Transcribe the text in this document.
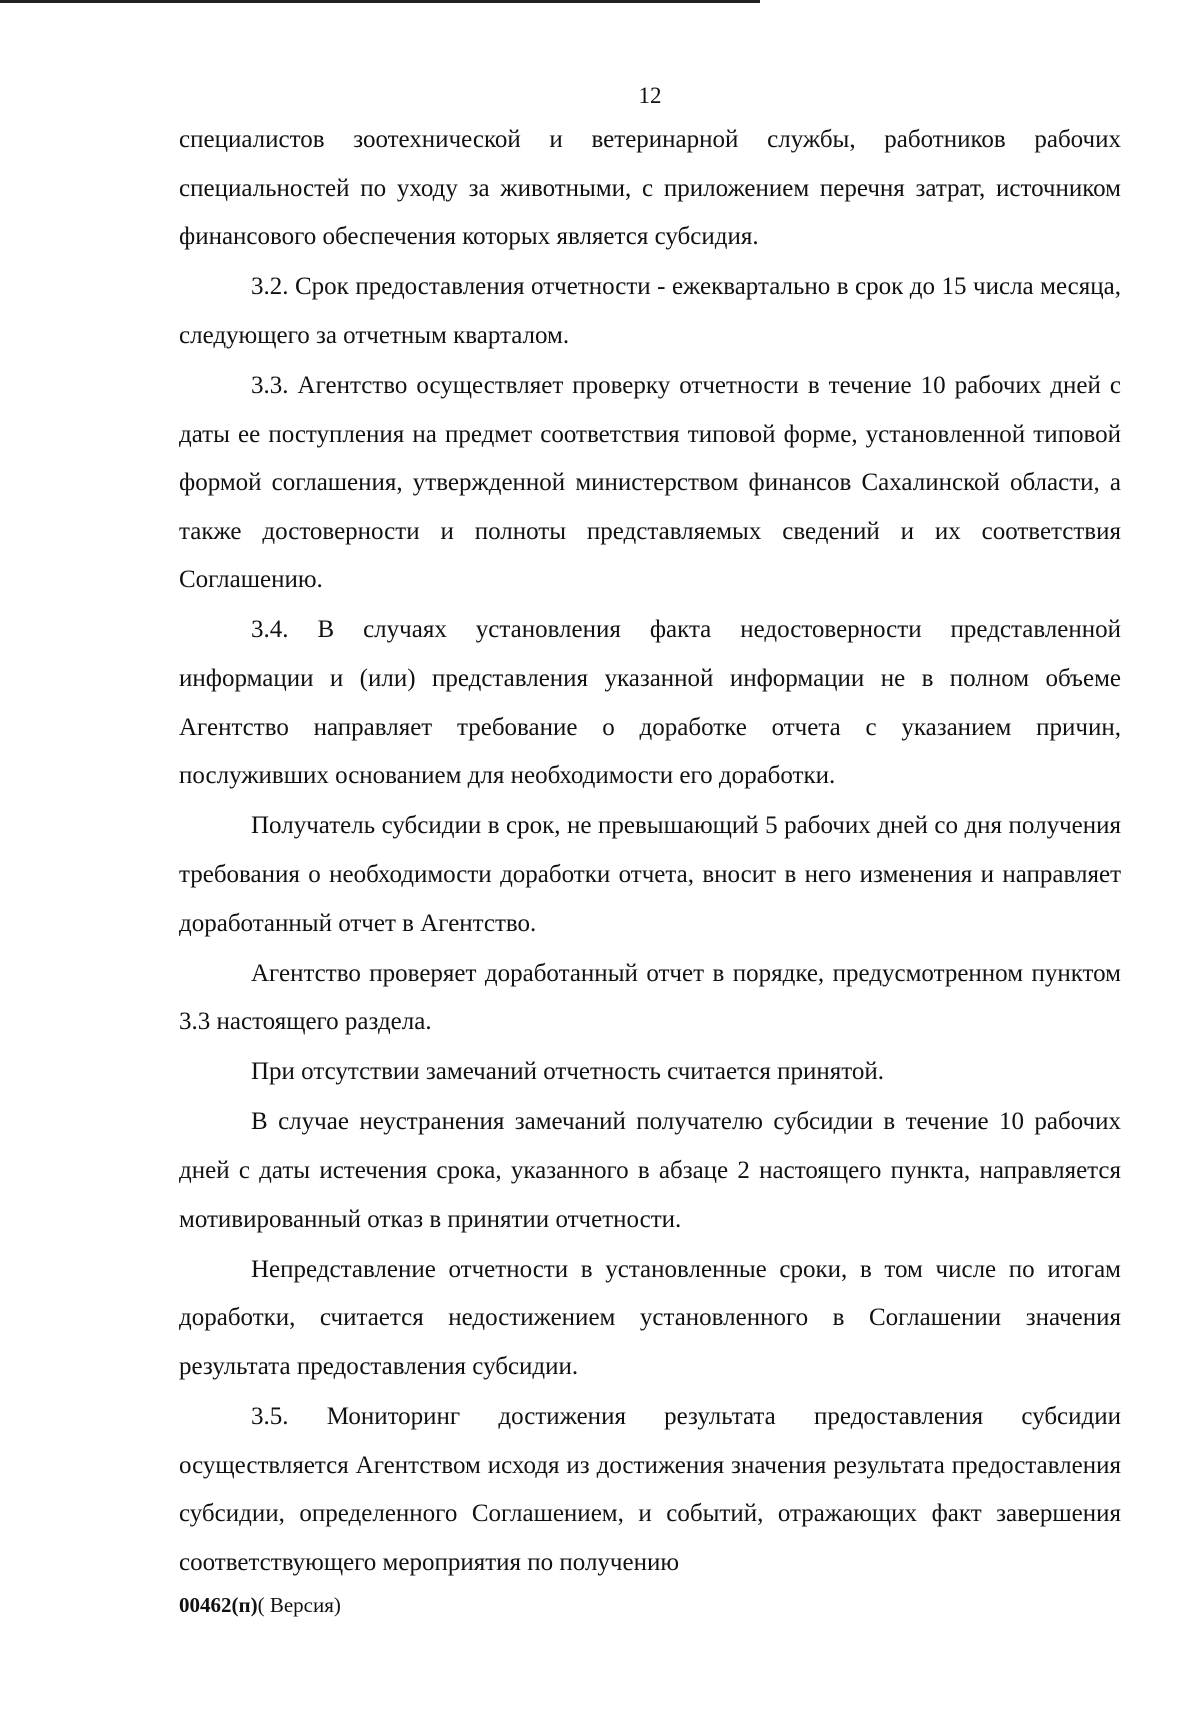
12

специалистов зоотехнической и ветеринарной службы, работников рабочих специальностей по уходу за животными, с приложением перечня затрат, источником финансового обеспечения которых является субсидия.

3.2. Срок предоставления отчетности - ежеквартально в срок до 15 числа месяца, следующего за отчетным кварталом.

3.3. Агентство осуществляет проверку отчетности в течение 10 рабочих дней с даты ее поступления на предмет соответствия типовой форме, установленной типовой формой соглашения, утвержденной министерством финансов Сахалинской области, а также достоверности и полноты представляемых сведений и их соответствия Соглашению.

3.4. В случаях установления факта недостоверности представленной информации и (или) представления указанной информации не в полном объеме Агентство направляет требование о доработке отчета с указанием причин, послуживших основанием для необходимости его доработки.

Получатель субсидии в срок, не превышающий 5 рабочих дней со дня получения требования о необходимости доработки отчета, вносит в него изменения и направляет доработанный отчет в Агентство.

Агентство проверяет доработанный отчет в порядке, предусмотренном пунктом 3.3 настоящего раздела.

При отсутствии замечаний отчетность считается принятой.

В случае неустранения замечаний получателю субсидии в течение 10 рабочих дней с даты истечения срока, указанного в абзаце 2 настоящего пункта, направляется мотивированный отказ в принятии отчетности.

Непредставление отчетности в установленные сроки, в том числе по итогам доработки, считается недостижением установленного в Соглашении значения результата предоставления субсидии.

3.5. Мониторинг достижения результата предоставления субсидии осуществляется Агентством исходя из достижения значения результата предоставления субсидии, определенного Соглашением, и событий, отражающих факт завершения соответствующего мероприятия по получению

00462(п)( Версия)
